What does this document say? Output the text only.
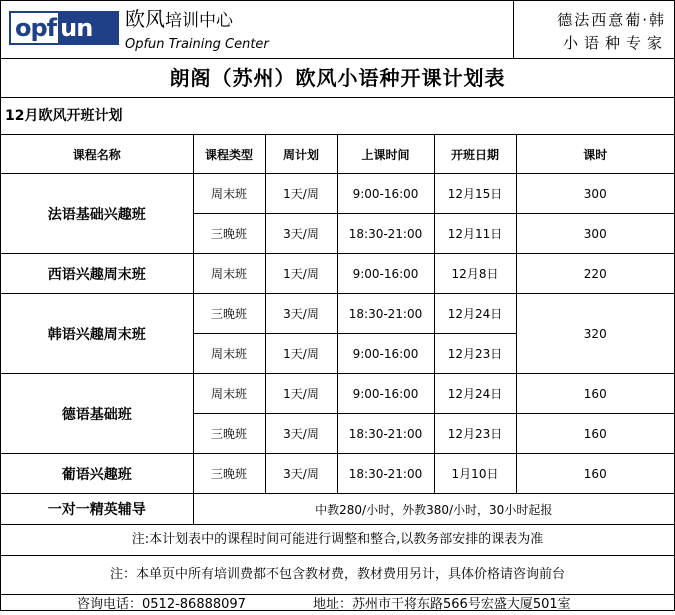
opf un	欧风培训中心
Opfun Training Center
德法西意葡·韩
小语种专家
朗阁（苏州）欧风小语种开课计划表
12月欧风开班计划
课程名称	课程类型	周计划	上课时间	开班日期	课时
法语基础兴趣班	周末班	1天/周	9:00-16:00	12月15日	300
	三晚班	3天/周	18:30-21:00	12月11日	300
西语兴趣周末班	周末班	1天/周	9:00-16:00	12月8日	220
韩语兴趣周末班	三晚班	3天/周	18:30-21:00	12月24日	320
	周末班	1天/周	9:00-16:00	12月23日	
德语基础班	周末班	1天/周	9:00-16:00	12月24日	160
	三晚班	3天/周	18:30-21:00	12月23日	160
葡语兴趣班	三晚班	3天/周	18:30-21:00	1月10日	160
一对一精英辅导	中教280/小时，外教380/小时，30小时起报				
注:本计划表中的课程时间可能进行调整和整合,以教务部安排的课表为准
注：本单页中所有培训费都不包含教材费，教材费用另计，具体价格请咨询前台
咨询电话：0512-86888097	地址：苏州市干将东路566号宏盛大厦501室
